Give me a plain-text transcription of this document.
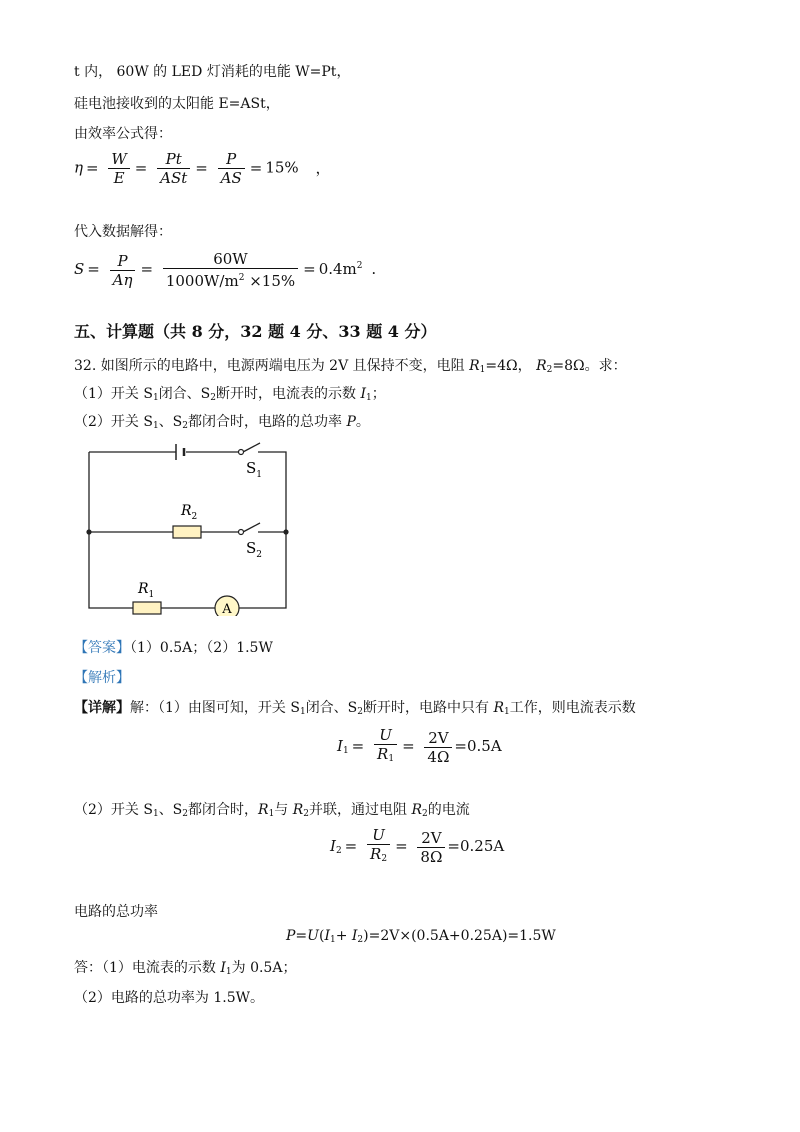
t 内， 60W 的 LED 灯消耗的电能 W=Pt，
硅电池接收到的太阳能 E=ASt，
由效率公式得：
$\eta = \frac{W}{E} = \frac{Pt}{\text{ASt}} = \frac{P}{AS} = 15\%$ ，
代入数据解得：
$S = \frac{P}{A\eta} = \frac{60W}{1000W/m^2 \times 15\%} = 0.4m^2$ .
五、计算题（共 8 分，32 题 4 分、33 题 4 分）
32. 如图所示的电路中，电源两端电压为 2V 且保持不变，电阻 $R_1=4\Omega$， $R_2=8\Omega$。求：
（1）开关 $S_1$闭合、$S_2$断开时，电流表的示数 $I_1$；
（2）开关 $S_1$、$S_2$都闭合时，电路的总功率 P。
A
$S_1$
$S_2$
$R_2$
$R_1$
【答案】（1）0.5A；（2）1.5W
【解析】
【详解】解：（1）由图可知，开关 $S_1$闭合、$S_2$断开时，电路中只有 $R_1$工作，则电流表示数
$I_1 = \frac{U}{R_1} = \frac{2V}{4\Omega} =0.5A$
（2）开关 $S_1$、$S_2$都闭合时，$R_1$与 $R_2$并联，通过电阻 $R_2$的电流
$I_2 = \frac{U}{R_2} = \frac{2V}{8\Omega} =0.25A$
电路的总功率
$P=U(I_1+ I_2)=2V\times(0.5A+0.25A)=1.5W$
答：（1）电流表的示数 $I_1$为 0.5A；
（2）电路的总功率为 1.5W。
